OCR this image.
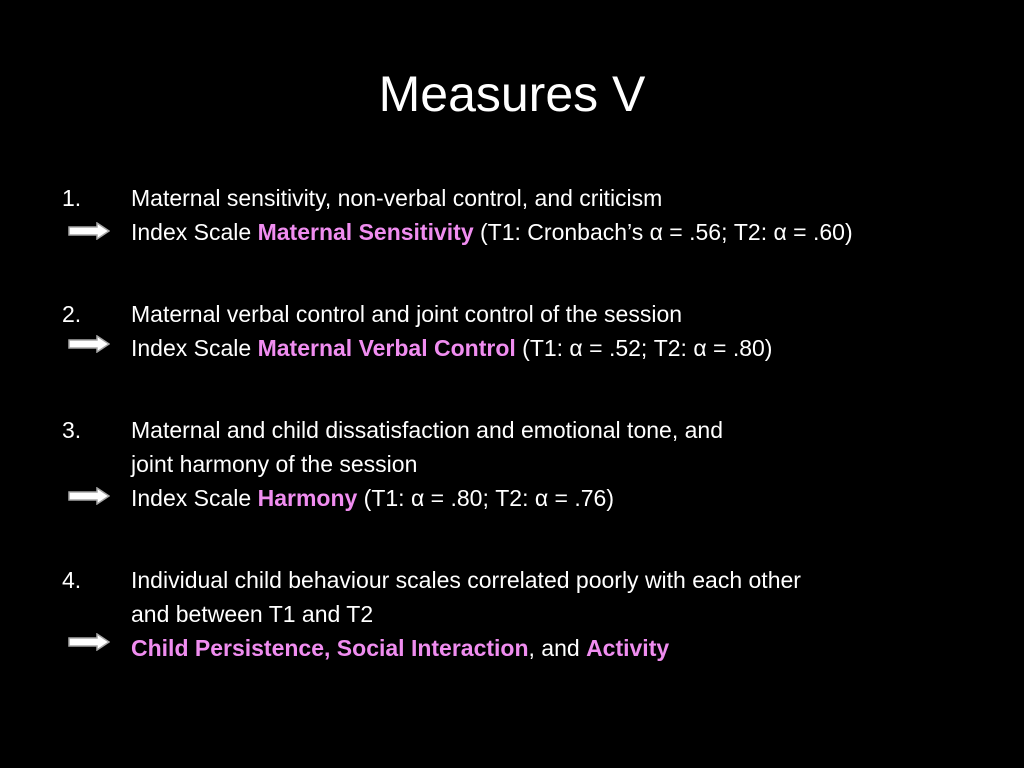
Measures V
1. Maternal sensitivity, non-verbal control, and criticism
Index Scale Maternal Sensitivity (T1: Cronbach’s α = .56; T2: α = .60)
2. Maternal verbal control and joint control of the session
Index Scale Maternal Verbal Control (T1: α = .52; T2: α = .80)
3. Maternal and child dissatisfaction and emotional tone, and
joint harmony of the session
Index Scale Harmony (T1: α = .80; T2: α = .76)
4. Individual child behaviour scales correlated poorly with each other
and between T1 and T2
Child Persistence, Social Interaction, and Activity
